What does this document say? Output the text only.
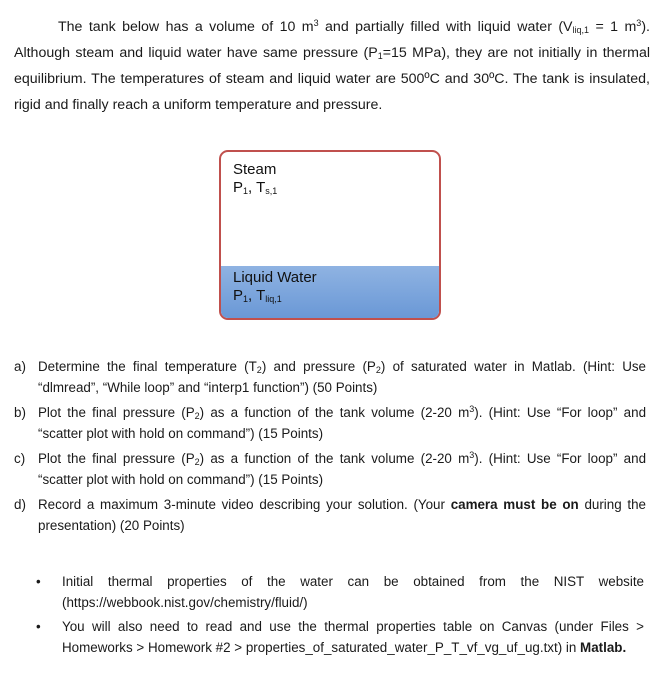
The tank below has a volume of 10 $m^3$ and partially filled with liquid water ($V_{liq,1} = 1$ $m^3$). Although steam and liquid water have same pressure ($P_1=15$ MPa), they are not initially in thermal equilibrium. The temperatures of steam and liquid water are 500ºC and 30ºC. The tank is insulated, rigid and finally reach a uniform temperature and pressure.
Steam
$P_1$, $T_{s,1}$
Liquid Water
$P_1$, $T_{liq,1}$
a) Determine the final temperature $(T_2)$ and pressure $(P_2)$ of saturated water in Matlab. (Hint: Use “dlmread”, “While loop” and “interp1 function”) (50 Points)
b) Plot the final pressure $(P_2)$ as a function of the tank volume (2-20 $m^3$). (Hint: Use “For loop” and “scatter plot with hold on command”) (15 Points)
c) Plot the final pressure $(P_2)$ as a function of the tank volume (2-20 $m^3$). (Hint: Use “For loop” and “scatter plot with hold on command”) (15 Points)
d) Record a maximum 3-minute video describing your solution. (Your camera must be on during the presentation) (20 Points)
• Initial thermal properties of the water can be obtained from the NIST website (https://webbook.nist.gov/chemistry/fluid/)
• You will also need to read and use the thermal properties table on Canvas (under Files > Homeworks > Homework #2 > properties_of_saturated_water_P_T_vf_vg_uf_ug.txt) in Matlab.
